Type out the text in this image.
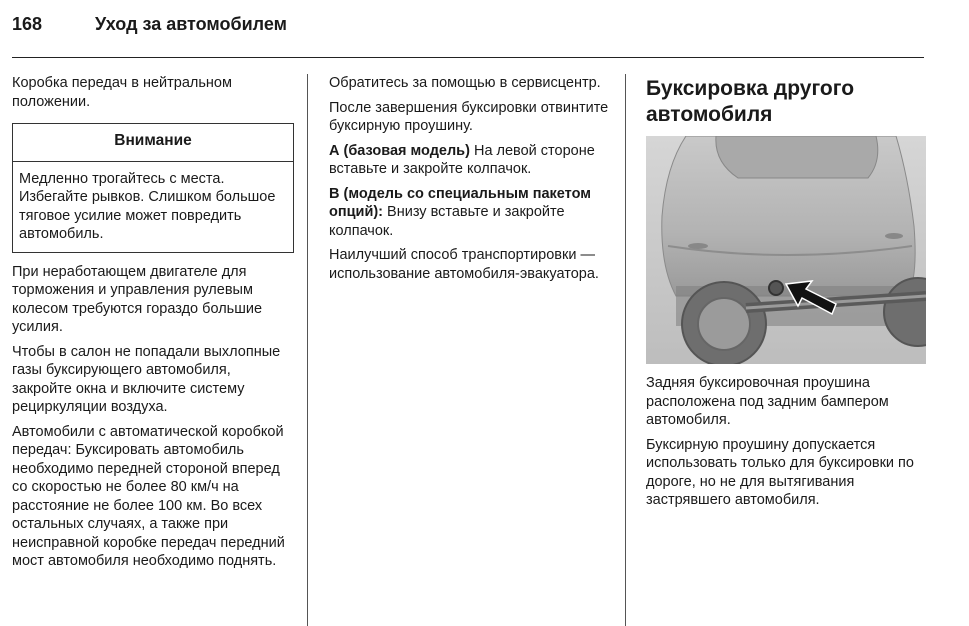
168	Уход за автомобилем

Коробка передач в нейтральном положении.

Внимание
Медленно трогайтесь с места. Избегайте рывков. Слишком большое тяговое усилие может повредить автомобиль.

При неработающем двигателе для торможения и управления рулевым колесом требуются гораздо большие усилия.

Чтобы в салон не попадали выхлопные газы буксирующего автомобиля, закройте окна и включите систему рециркуляции воздуха.

Автомобили с автоматической коробкой передач: Буксировать автомобиль необходимо передней стороной вперед со скоростью не более 80 км/ч на расстояние не более 100 км. Во всех остальных случаях, а также при неисправной коробке передач передний мост автомобиля необходимо поднять.

Обратитесь за помощью в сервисцентр.

После завершения буксировки отвинтите буксирную проушину.

А (базовая модель) На левой стороне вставьте и закройте колпачок.

В (модель со специальным пакетом опций): Внизу вставьте и закройте колпачок.

Наилучший способ транспортировки — использование автомобиля-эвакуатора.

Буксировка другого автомобиля

Задняя буксировочная проушина расположена под задним бампером автомобиля.

Буксирную проушину допускается использовать только для буксировки по дороге, но не для вытягивания застрявшего автомобиля.
